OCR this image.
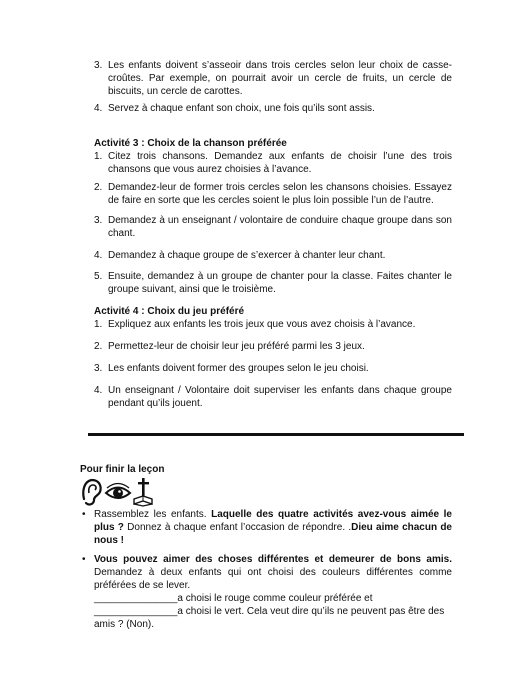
3. Les enfants doivent s’asseoir dans trois cercles selon leur choix de casse-croûtes. Par exemple, on pourrait avoir un cercle de fruits, un cercle de biscuits, un cercle de carottes.
4. Servez à chaque enfant son choix, une fois qu’ils sont assis.
Activité 3 : Choix de la chanson préférée
1. Citez trois chansons. Demandez aux enfants de choisir l’une des trois chansons que vous aurez choisies à l’avance.
2. Demandez-leur de former trois cercles selon les chansons choisies. Essayez de faire en sorte que les cercles soient le plus loin possible l’un de l’autre.
3. Demandez à un enseignant / volontaire de conduire chaque groupe dans son chant.
4. Demandez à chaque groupe de s’exercer à chanter leur chant.
5. Ensuite, demandez à un groupe de chanter pour la classe. Faites chanter le groupe suivant, ainsi que le troisième.
Activité 4 : Choix du jeu préféré
1. Expliquez aux enfants les trois jeux que vous avez choisis à l’avance.
2. Permettez-leur de choisir leur jeu préféré parmi les 3 jeux.
3. Les enfants doivent former des groupes selon le jeu choisi.
4. Un enseignant / Volontaire doit superviser les enfants dans chaque groupe pendant qu’ils jouent.
Pour finir la leçon
• Rassemblez les enfants. Laquelle des quatre activités avez-vous aimée le plus ? Donnez à chaque enfant l’occasion de répondre. .Dieu aime chacun de nous !
• Vous pouvez aimer des choses différentes et demeurer de bons amis. Demandez à deux enfants qui ont choisi des couleurs différentes comme préférées de se lever.
_______________a choisi le rouge comme couleur préférée et _______________a choisi le vert. Cela veut dire qu’ils ne peuvent pas être des amis ? (Non).
